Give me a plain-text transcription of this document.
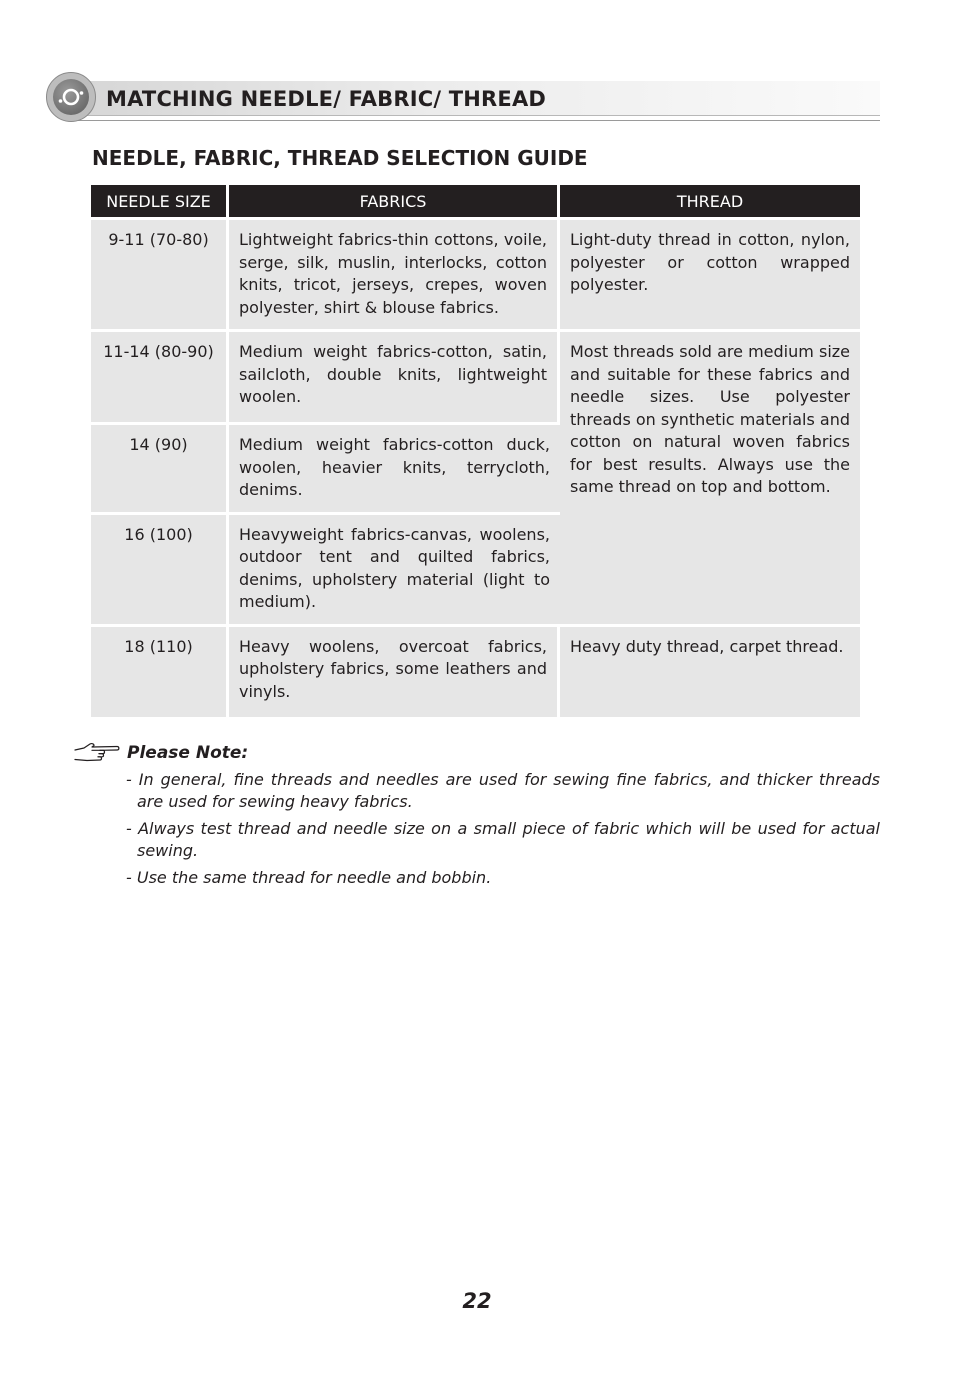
MATCHING NEEDLE/ FABRIC/ THREAD
NEEDLE, FABRIC, THREAD SELECTION GUIDE
NEEDLE SIZE	FABRICS	THREAD
9-11 (70-80)	Lightweight fabrics-thin cottons, voile, serge, silk, muslin, interlocks, cotton knits, tricot, jerseys, crepes, woven polyester, shirt & blouse fabrics.	Light-duty thread in cotton, nylon, polyester or cotton wrapped polyester.
11-14 (80-90)	Medium weight fabrics-cotton, satin, sailcloth, double knits, lightweight woolen.	Most threads sold are medium size and suitable for these fabrics and needle sizes. Use polyester threads on synthetic materials and cotton on natural woven fabrics for best results. Always use the same thread on top and bottom.
14 (90)	Medium weight fabrics-cotton duck, woolen, heavier knits, terrycloth, denims.	
16 (100)	Heavyweight fabrics-canvas, woolens, outdoor tent and quilted fabrics, denims, upholstery material (light to medium).	
18 (110)	Heavy woolens, overcoat fabrics, upholstery fabrics, some leathers and vinyls.	Heavy duty thread, carpet thread.
Please Note:
- In general, fine threads and needles are used for sewing fine fabrics, and thicker threads are used for sewing heavy fabrics.
- Always test thread and needle size on a small piece of fabric which will be used for actual sewing.
- Use the same thread for needle and bobbin.
22
